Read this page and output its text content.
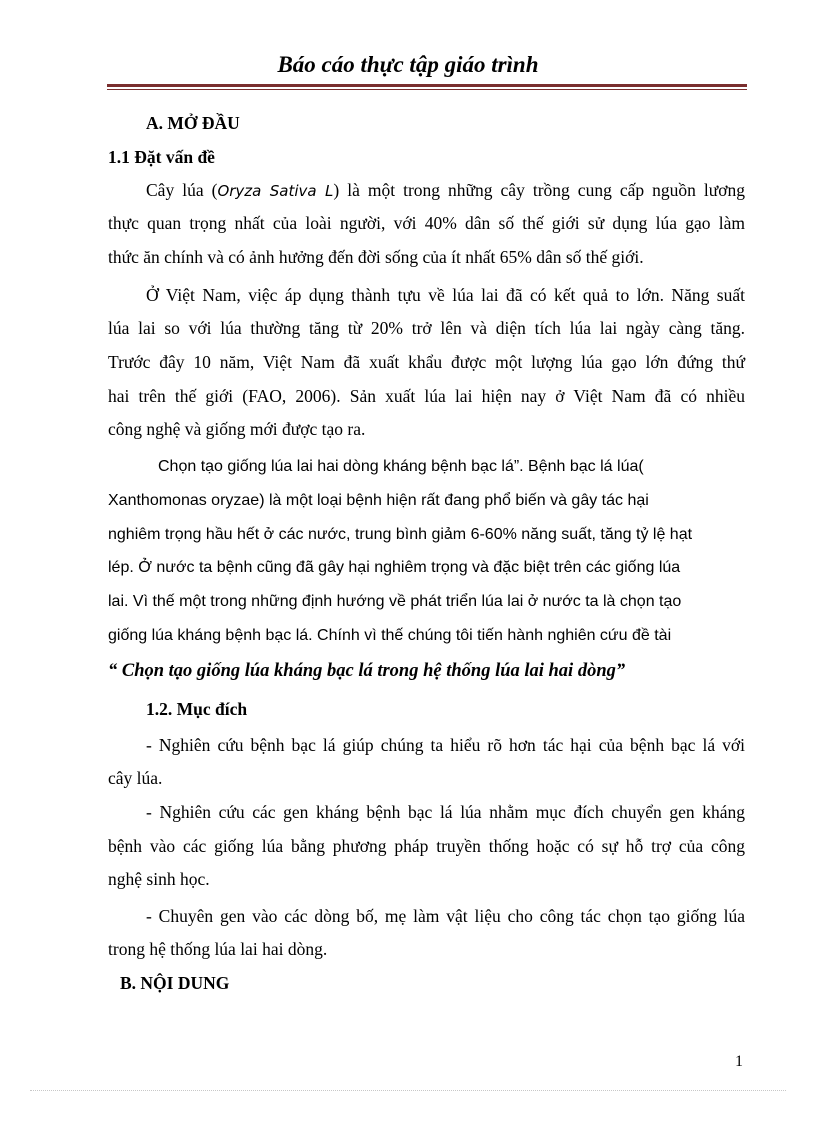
Báo cáo thực tập giáo trình

A. MỞ ĐẦU

1.1 Đặt vấn đề

Cây lúa (Oryza Sativa L) là một trong những cây trồng cung cấp nguồn lương

thực quan trọng nhất của loài người, với 40% dân số thế giới sử dụng lúa gạo làm

thức ăn chính và có ảnh hưởng đến đời sống của ít nhất 65% dân số thế giới.

Ở Việt Nam, việc áp dụng thành tựu về lúa lai đã có kết quả to lớn. Năng suất

lúa lai so với lúa thường tăng từ 20% trở lên và diện tích lúa lai ngày càng tăng.

Trước đây 10 năm, Việt Nam đã xuất khẩu được một lượng lúa gạo lớn đứng thứ

hai trên thế giới (FAO, 2006). Sản xuất lúa lai hiện nay ở Việt Nam đã có nhiều

công nghệ và giống mới được tạo ra.

Chọn tạo giống lúa lai hai dòng kháng bệnh bạc lá”. Bệnh bạc lá lúa(

Xanthomonas oryzae) là một loại bệnh hiện rất đang phổ biến và gây tác hại

nghiêm trọng hầu hết ở các nước, trung bình giảm 6-60% năng suất, tăng tỷ lệ hạt

lép. Ở nước ta bệnh cũng đã gây hại nghiêm trọng và đặc biệt trên các giống lúa

lai. Vì thế một trong những định hướng về phát triển lúa lai ở nước ta là chọn tạo

giống lúa kháng bệnh bạc lá. Chính vì thế chúng tôi tiến hành nghiên cứu đề tài

“ Chọn tạo giống lúa kháng bạc lá trong hệ thống lúa lai hai dòng”

1.2. Mục đích

- Nghiên cứu bệnh bạc lá giúp chúng ta hiểu rõ hơn tác hại của bệnh bạc lá với

cây lúa.

- Nghiên cứu các gen kháng bệnh bạc lá lúa nhằm mục đích chuyển gen kháng

bệnh vào các giống lúa bằng phương pháp truyền thống hoặc có sự hỗ trợ của công

nghệ sinh học.

- Chuyên gen vào các dòng bố, mẹ làm vật liệu cho công tác chọn tạo giống lúa

trong hệ thống lúa lai hai dòng.

B. NỘI DUNG

1
